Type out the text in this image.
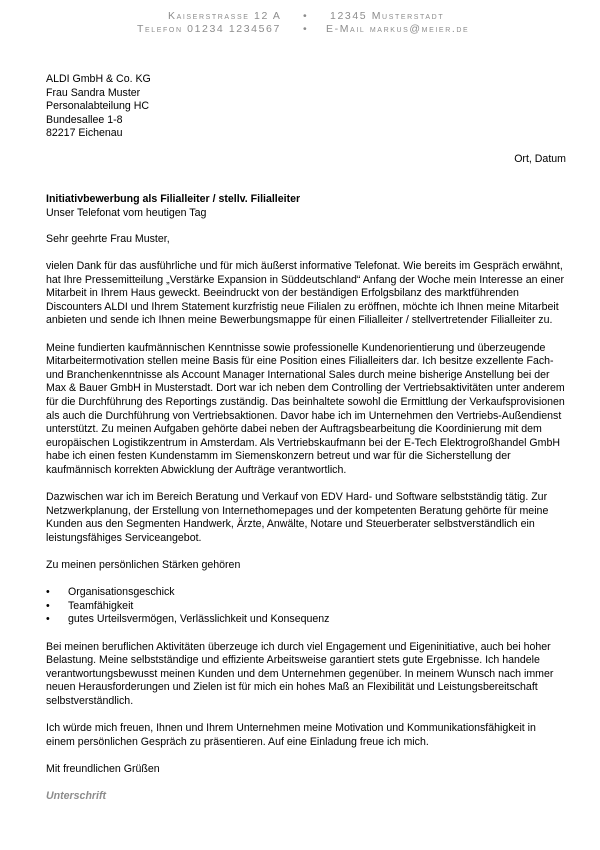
Kaiserstrasse 12 A • 12345 Musterstadt
Telefon 01234 1234567 • E-Mail markus@meier.de

ALDI GmbH & Co. KG

Frau Sandra Muster

Personalabteilung HC

Bundesallee 1-8

82217 Eichenau

Ort, Datum

Initiativbewerbung als Filialleiter / stellv. Filialleiter

Unser Telefonat vom heutigen Tag

Sehr geehrte Frau Muster,

vielen Dank für das ausführliche und für mich äußerst informative Telefonat. Wie bereits im Gespräch erwähnt, hat Ihre Pressemitteilung „Verstärke Expansion in Süddeutschland“ Anfang der Woche mein Interesse an einer Mitarbeit in Ihrem Haus geweckt. Beeindruckt von der beständigen Erfolgsbilanz des marktführenden Discounters ALDI und Ihrem Statement kurzfristig neue Filialen zu eröffnen, möchte ich Ihnen meine Mitarbeit anbieten und sende ich Ihnen meine Bewerbungsmappe für einen Filialleiter / stellvertretender Filialleiter zu.

Meine fundierten kaufmännischen Kenntnisse sowie professionelle Kundenorientierung und überzeugende Mitarbeitermotivation stellen meine Basis für eine Position eines Filialleiters dar. Ich besitze exzellente Fach- und Branchenkenntnisse als Account Manager International Sales durch meine bisherige Anstellung bei der Max & Bauer GmbH in Musterstadt. Dort war ich neben dem Controlling der Vertriebsaktivitäten unter anderem für die Durchführung des Reportings zuständig. Das beinhaltete sowohl die Ermittlung der Verkaufsprovisionen als auch die Durchführung von Vertriebsaktionen. Davor habe ich im Unternehmen den Vertriebs-Außendienst unterstützt. Zu meinen Aufgaben gehörte dabei neben der Auftragsbearbeitung die Koordinierung mit dem europäischen Logistikzentrum in Amsterdam. Als Vertriebskaufmann bei der E-Tech Elektrogroßhandel GmbH habe ich einen festen Kundenstamm im Siemenskonzern betreut und war für die Sicherstellung der kaufmännisch korrekten Abwicklung der Aufträge verantwortlich.

Dazwischen war ich im Bereich Beratung und Verkauf von EDV Hard- und Software selbstständig tätig. Zur Netzwerkplanung, der Erstellung von Internethomepages und der kompetenten Beratung gehörte für meine Kunden aus den Segmenten Handwerk, Ärzte, Anwälte, Notare und Steuerberater selbstverständlich ein leistungsfähiges Serviceangebot.

Zu meinen persönlichen Stärken gehören

• Organisationsgeschick
• Teamfähigkeit
• gutes Urteilsvermögen, Verlässlichkeit und Konsequenz

Bei meinen beruflichen Aktivitäten überzeuge ich durch viel Engagement und Eigeninitiative, auch bei hoher Belastung. Meine selbstständige und effiziente Arbeitsweise garantiert stets gute Ergebnisse. Ich handele verantwortungsbewusst meinen Kunden und dem Unternehmen gegenüber. In meinem Wunsch nach immer neuen Herausforderungen und Zielen ist für mich ein hohes Maß an Flexibilität und Leistungsbereitschaft selbstverständlich.

Ich würde mich freuen, Ihnen und Ihrem Unternehmen meine Motivation und Kommunikationsfähigkeit in einem persönlichen Gespräch zu präsentieren. Auf eine Einladung freue ich mich.

Mit freundlichen Grüßen

Unterschrift
